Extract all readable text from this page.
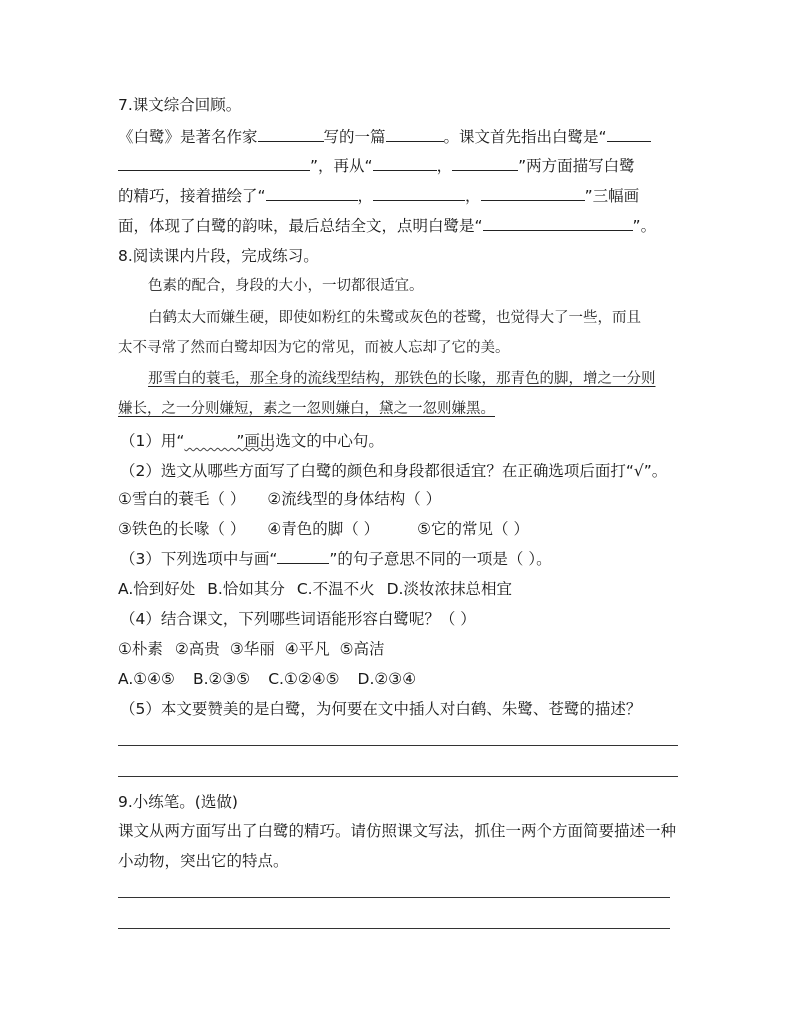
7.课文综合回顾。
《白鹭》是著名作家	写的一篇	。课文首先指出白鹭是“
”，再从“	，	”两方面描写白鹭
的精巧，接着描绘了“	，	，	”三幅画
面，体现了白鹭的韵味，最后总结全文，点明白鹭是“	”。
8.阅读课内片段，完成练习。
色素的配合，身段的大小，一切都很适宜。
白鹤太大而嫌生硬，即使如粉红的朱鹭或灰色的苍鹭，也觉得大了一些，而且
太不寻常了然而白鹭却因为它的常见，而被人忘却了它的美。
那雪白的蓑毛，那全身的流线型结构，那铁色的长喙，那青色的脚，增之一分则
嫌长，之一分则嫌短，素之一忽则嫌白，黛之一忽则嫌黑。
（1）用“	”画出选文的中心句。
（2）选文从哪些方面写了白鹭的颜色和身段都很适宜？在正确选项后面打“√”。
①雪白的蓑毛（ ） ②流线型的身体结构（ ）
③铁色的长喙（ ） ④青色的脚（ ） ⑤它的常见（ ）
（3）下列选项中与画“	”的句子意思不同的一项是（ ）。
A.恰到好处 B.恰如其分 C.不温不火 D.淡妆浓抹总相宜
（4）结合课文，下列哪些词语能形容白鹭呢？（ ）
①朴素 ②高贵 ③华丽 ④平凡 ⑤高洁
A.①④⑤ B.②③⑤ C.①②④⑤ D.②③④
（5）本文要赞美的是白鹭，为何要在文中插人对白鹤、朱鹭、苍鹭的描述？
9.小练笔。(选做)
课文从两方面写出了白鹭的精巧。请仿照课文写法，抓住一两个方面简要描述一种
小动物，突出它的特点。
